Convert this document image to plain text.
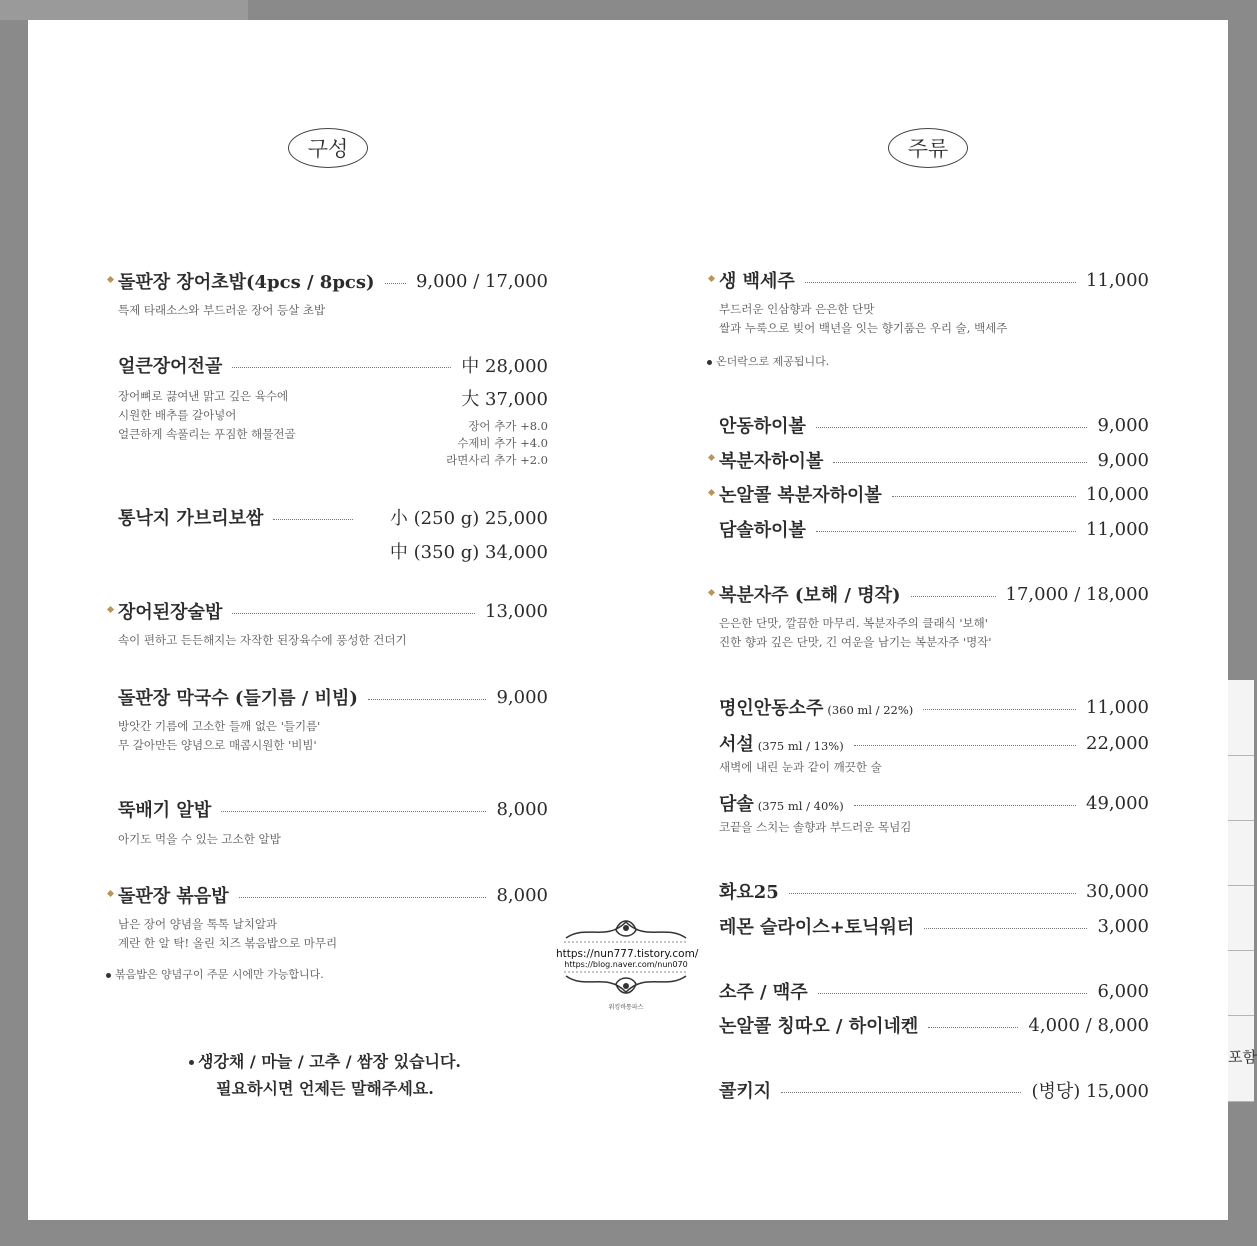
포함
구성	주류
돌판장 장어초밥(4pcs / 8pcs) 9,000 / 17,000
특제 타래소스와 부드러운 장어 등살 초밥
얼큰장어전골	中 28,000
大 37,000
장어뼈로 끓여낸 맑고 깊은 육수에
시원한 배추를 갈아넣어
얼큰하게 속풀리는 푸짐한 해물전골
장어 추가 +8.0
수제비 추가 +4.0
라면사리 추가 +2.0
통낙지 가브리보쌈	小 (250 g) 25,000
中 (350 g) 34,000
장어된장술밥	13,000
속이 편하고 든든해지는 자작한 된장육수에 풍성한 건더기
돌판장 막국수 (들기름 / 비빔)	9,000
방앗간 기름에 고소한 들깨 없은 '들기름'
무 갈아만든 양념으로 매콤시원한 '비빔'
뚝배기 알밥	8,000
아기도 먹을 수 있는 고소한 알밥
돌판장 볶음밥	8,000
남은 장어 양념을 톡톡 날치알과
계란 한 알 탁! 올린 치즈 볶음밥으로 마무리
볶음밥은 양념구이 주문 시에만 가능합니다.
생강채 / 마늘 / 고추 / 쌈장 있습니다.
필요하시면 언제든 말해주세요.
생 백세주	11,000
부드러운 인삼향과 은은한 단맛
쌀과 누룩으로 빚어 백년을 잇는 향기품은 우리 술, 백세주
온더락으로 제공됩니다.
안동하이볼	9,000
복분자하이볼	9,000
논알콜 복분자하이볼	10,000
담솔하이볼	11,000
복분자주 (보해 / 명작)	17,000 / 18,000
은은한 단맛, 깔끔한 마무리. 복분자주의 클래식 '보해'
진한 향과 깊은 단맛, 긴 여운을 남기는 복분자주 '명작'
명인안동소주 (360 ml / 22%)	11,000
서설 (375 ml / 13%)	22,000
새벽에 내린 눈과 같이 깨끗한 술
담솔 (375 ml / 40%)	49,000
코끝을 스치는 솔향과 부드러운 목넘김
화요25	30,000
레몬 슬라이스+토닉워터	3,000
소주 / 맥주	6,000
논알콜 칭따오 / 하이네켄	4,000 / 8,000
콜키지	(병당) 15,000
https://nun777.tistory.com/
https://blog.naver.com/nun070
워킹바통파스
